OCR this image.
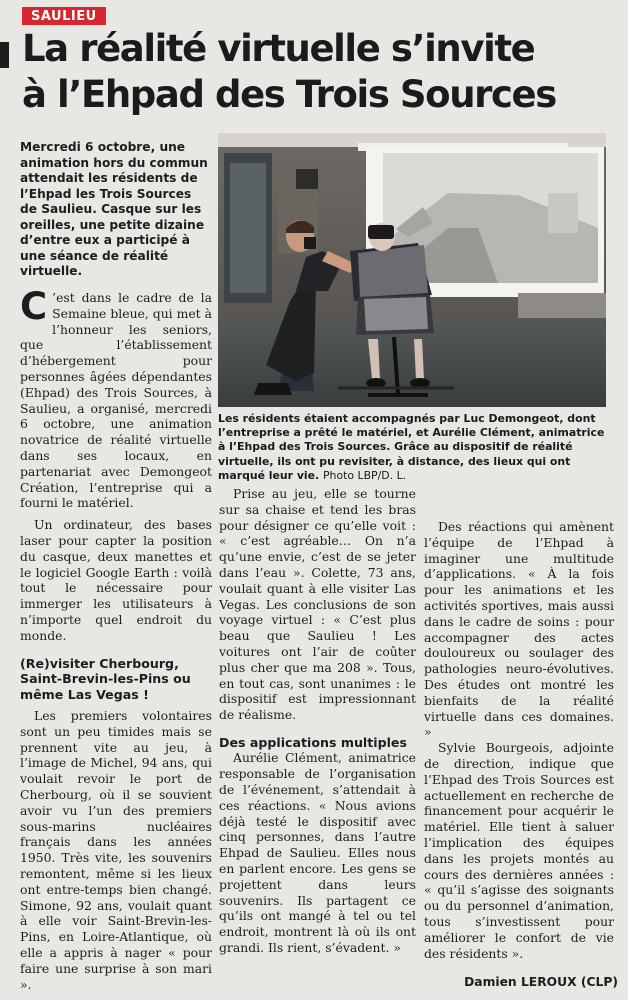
SAULIEU
La réalité virtuelle s’invite
à l’Ehpad des Trois Sources

Mercredi 6 octobre, une animation hors du commun attendait les résidents de l’Ehpad les Trois Sources de Saulieu. Casque sur les oreilles, une petite dizaine d’entre eux a participé à une séance de réalité virtuelle.

Les résidents étaient accompagnés par Luc Demongeot, dont l’entreprise a prêté le matériel, et Aurélie Clément, animatrice à l’Ehpad des Trois Sources. Grâce au dispositif de réalité virtuelle, ils ont pu revisiter, à distance, des lieux qui ont marqué leur vie. Photo LBP/D. L.

C ’est dans le cadre de la Semaine bleue, qui met à l’honneur les seniors, que l’établissement d’hébergement pour personnes âgées dépendantes (Ehpad) des Trois Sources, à Saulieu, a organisé, mercredi 6 octobre, une animation novatrice de réalité virtuelle dans ses locaux, en partenariat avec Demongeot Création, l’entreprise qui a fourni le matériel.

Un ordinateur, des bases laser pour capter la position du casque, deux manettes et le logiciel Google Earth : voilà tout le nécessaire pour immerger les utilisateurs à n’importe quel endroit du monde.

(Re)visiter Cherbourg, Saint-Brevin-les-Pins ou même Las Vegas !

Les premiers volontaires sont un peu timides mais se prennent vite au jeu, à l’image de Michel, 94 ans, qui voulait revoir le port de Cherbourg, où il se souvient avoir vu l’un des premiers sous-marins nucléaires français dans les années 1950. Très vite, les souvenirs remontent, même si les lieux ont entre-temps bien changé. Simone, 92 ans, voulait quant à elle voir Saint-Brevin-les-Pins, en Loire-Atlantique, où elle a appris à nager « pour faire une surprise à son mari ».

Prise au jeu, elle se tourne sur sa chaise et tend les bras pour désigner ce qu’elle voit : « c’est agréable… On n’a qu’une envie, c’est de se jeter dans l’eau ». Colette, 73 ans, voulait quant à elle visiter Las Vegas. Les conclusions de son voyage virtuel : « C’est plus beau que Saulieu ! Les voitures ont l’air de coûter plus cher que ma 208 ». Tous, en tout cas, sont unanimes : le dispositif est impressionnant de réalisme.

Des applications multiples

Aurélie Clément, animatrice responsable de l’organisation de l’événement, s’attendait à ces réactions. « Nous avions déjà testé le dispositif avec cinq personnes, dans l’autre Ehpad de Saulieu. Elles nous en parlent encore. Les gens se projettent dans leurs souvenirs. Ils partagent ce qu’ils ont mangé à tel ou tel endroit, montrent là où ils ont grandi. Ils rient, s’évadent. »

Des réactions qui amènent l’équipe de l’Ehpad à imaginer une multitude d’applications. « À la fois pour les animations et les activités sportives, mais aussi dans le cadre de soins : pour accompagner des actes douloureux ou soulager des pathologies neuro-évolutives. Des études ont montré les bienfaits de la réalité virtuelle dans ces domaines. »

Sylvie Bourgeois, adjointe de direction, indique que l’Ehpad des Trois Sources est actuellement en recherche de financement pour acquérir le matériel. Elle tient à saluer l’implication des équipes dans les projets montés au cours des dernières années : « qu’il s’agisse des soignants ou du personnel d’animation, tous s’investissent pour améliorer le confort de vie des résidents ».

Damien LEROUX (CLP)
